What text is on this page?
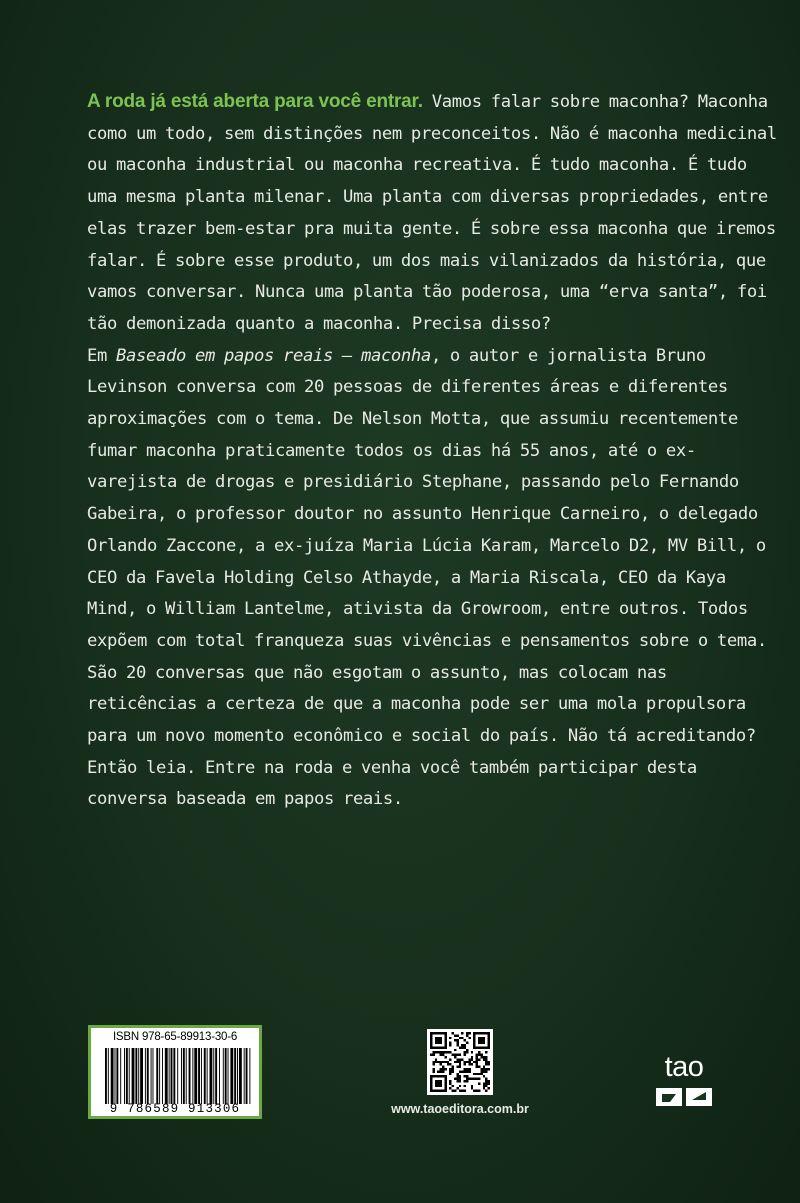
A roda já está aberta para você entrar. Vamos falar sobre maconha? Maconha como um todo, sem distinções nem preconceitos. Não é maconha medicinal ou maconha industrial ou maconha recreativa. É tudo maconha. É tudo uma mesma planta milenar. Uma planta com diversas propriedades, entre elas trazer bem-estar pra muita gente. É sobre essa maconha que iremos falar. É sobre esse produto, um dos mais vilanizados da história, que vamos conversar. Nunca uma planta tão poderosa, uma “erva santa”, foi tão demonizada quanto a maconha. Precisa disso?

Em Baseado em papos reais – maconha, o autor e jornalista Bruno Levinson conversa com 20 pessoas de diferentes áreas e diferentes aproximações com o tema. De Nelson Motta, que assumiu recentemente fumar maconha praticamente todos os dias há 55 anos, até o ex-varejista de drogas e presidiário Stephane, passando pelo Fernando Gabeira, o professor doutor no assunto Henrique Carneiro, o delegado Orlando Zaccone, a ex-juíza Maria Lúcia Karam, Marcelo D2, MV Bill, o CEO da Favela Holding Celso Athayde, a Maria Riscala, CEO da Kaya Mind, o William Lantelme, ativista da Growroom, entre outros. Todos expõem com total franqueza suas vivências e pensamentos sobre o tema. São 20 conversas que não esgotam o assunto, mas colocam nas reticências a certeza de que a maconha pode ser uma mola propulsora para um novo momento econômico e social do país. Não tá acreditando? Então leia. Entre na roda e venha você também participar desta conversa baseada em papos reais.

ISBN 978-65-89913-30-6
9 786589 913306	www.taoeditora.com.br
tao
